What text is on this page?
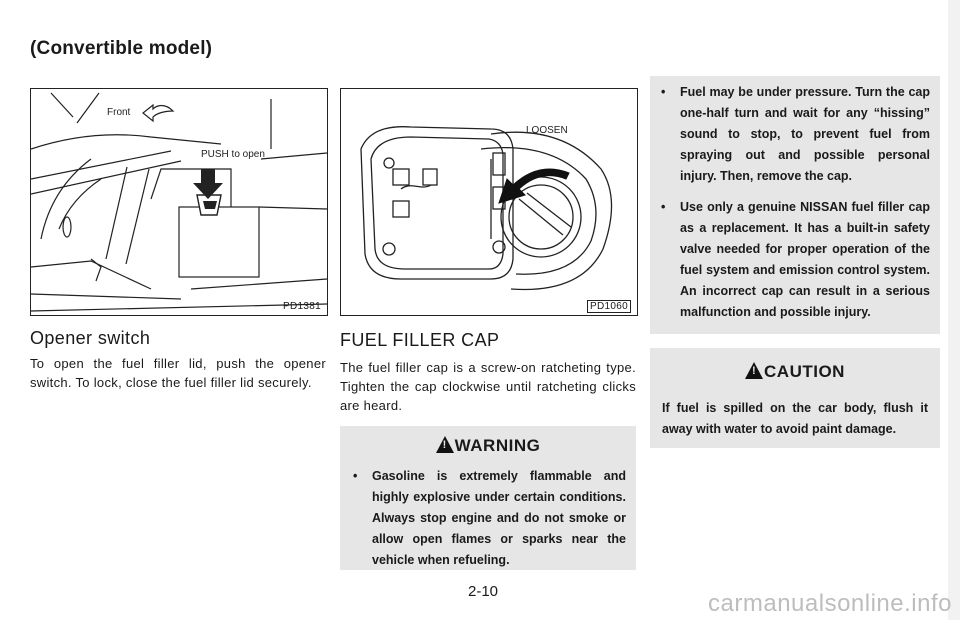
(Convertible model)
Front
PUSH to open
PD1381
LOOSEN
PD1060
Opener switch
To open the fuel filler lid, push the opener switch. To lock, close the fuel filler lid securely.
FUEL FILLER CAP
The fuel filler cap is a screw-on ratcheting type. Tighten the cap clockwise until ratcheting clicks are heard.
!WARNING
• Gasoline is extremely flammable and highly explosive under certain conditions. Always stop engine and do not smoke or allow open flames or sparks near the vehicle when refueling.
• Fuel may be under pressure. Turn the cap one-half turn and wait for any “hissing” sound to stop, to prevent fuel from spraying out and possible personal injury. Then, remove the cap.
• Use only a genuine NISSAN fuel filler cap as a replacement. It has a built-in safety valve needed for proper operation of the fuel system and emission control system. An incorrect cap can result in a serious malfunction and possible injury.
!CAUTION
If fuel is spilled on the car body, flush it away with water to avoid paint damage.
2-10	carmanualsonline.info
